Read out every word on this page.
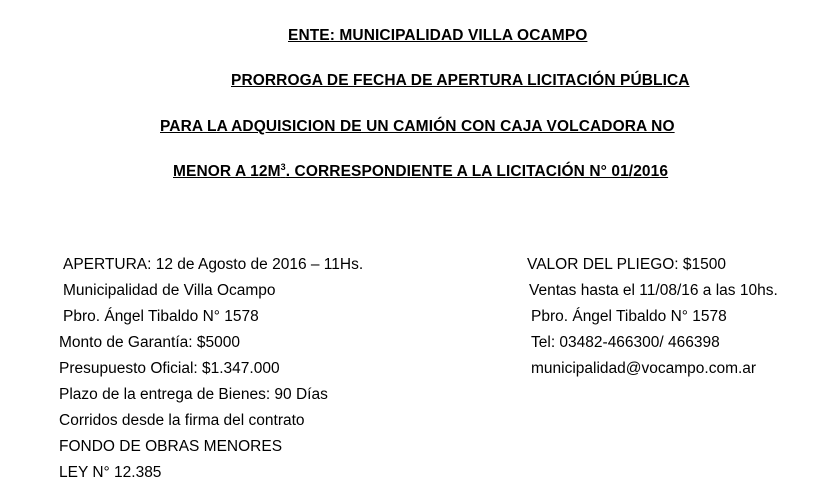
ENTE: MUNICIPALIDAD VILLA OCAMPO
PRORROGA DE FECHA DE APERTURA LICITACIÓN PÚBLICA
PARA LA ADQUISICION DE UN CAMIÓN CON CAJA VOLCADORA NO
MENOR A $12M^3$. CORRESPONDIENTE A LA LICITACIÓN N° 01/2016
APERTURA: 12 de Agosto de 2016 – 11Hs.
Municipalidad de Villa Ocampo
Pbro. Ángel Tibaldo N° 1578
Monto de Garantía: $5000
Presupuesto Oficial: $1.347.000
Plazo de la entrega de Bienes: 90 Días
Corridos desde la firma del contrato
FONDO DE OBRAS MENORES
LEY N° 12.385
VALOR DEL PLIEGO: $1500
Ventas hasta el 11/08/16 a las 10hs.
Pbro. Ángel Tibaldo N° 1578
Tel: 03482-466300/ 466398
municipalidad@vocampo.com.ar
